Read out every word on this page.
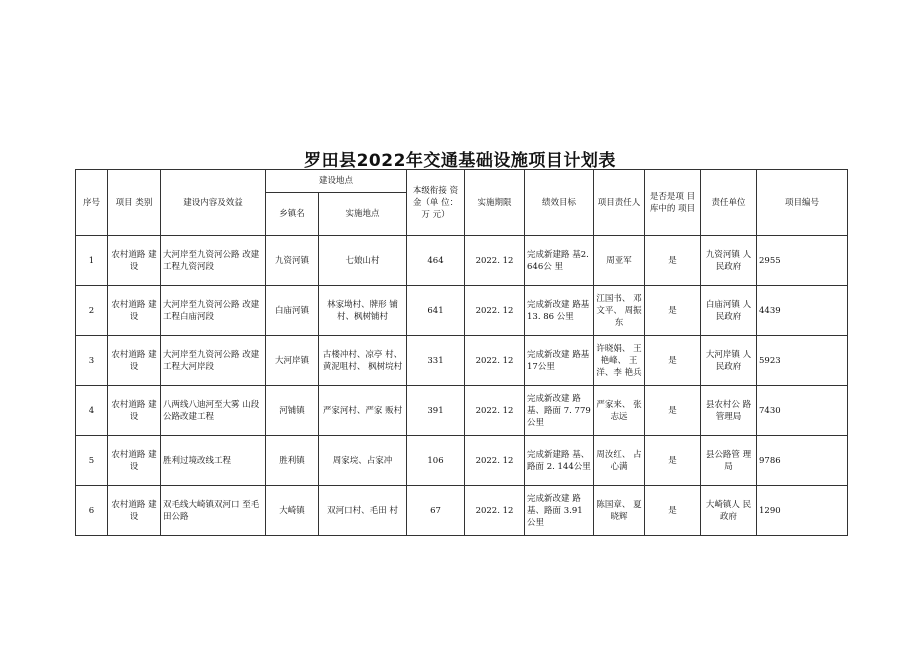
罗田县2022年交通基础设施项目计划表
序号	项目 类别	建设内容及效益	建设地点		本级衔接 资金（单 位：万 元）	实施期限	绩效目标	项目责任人	是否是项 目库中的 项目	责任单位	项目编号
			乡镇名	实施地点							
1	农村道路 建设	大河岸至九资河公路 改建工程九资河段	九资河镇	七娘山村	464	2022. 12	完成新建路 基2. 646公 里	周亚军	是	九资河镇 人民政府	2955
2	农村道路 建设	大河岸至九资河公路 改建工程白庙河段	白庙河镇	林家坳村、牌形 铺村、枫树铺村	641	2022. 12	完成新改建 路基13. 86 公里	江国书、 邓文平、 周振东	是	白庙河镇 人民政府	4439
3	农村道路 建设	大河岸至九资河公路 改建工程大河岸段	大河岸镇	古楼冲村、凉亭 村、黄泥咀村、 枫树垸村	331	2022. 12	完成新改建 路基17公里	许晓娟、 王艳峰、 王洋、李 艳兵	是	大河岸镇 人民政府	5923
4	农村道路 建设	八两线八迪河至大雾 山段公路改建工程	河铺镇	严家河村、严家 贩村	391	2022. 12	完成新改建 路基、路面 7. 779公里	严家来、 张志远	是	县农村公 路管理局	7430
5	农村道路 建设	胜利过境改线工程	胜利镇	周家垸、占家冲	106	2022. 12	完成新建路 基、路面 2. 144公里	周汝红、 占心满	是	县公路管 理局	9786
6	农村道路 建设	双毛线大崎镇双河口 至毛田公路	大崎镇	双河口村、毛田 村	67	2022. 12	完成新改建 路基、路面 3.91公里	陈国章、 夏晓辉	是	大崎镇人 民政府	1290
